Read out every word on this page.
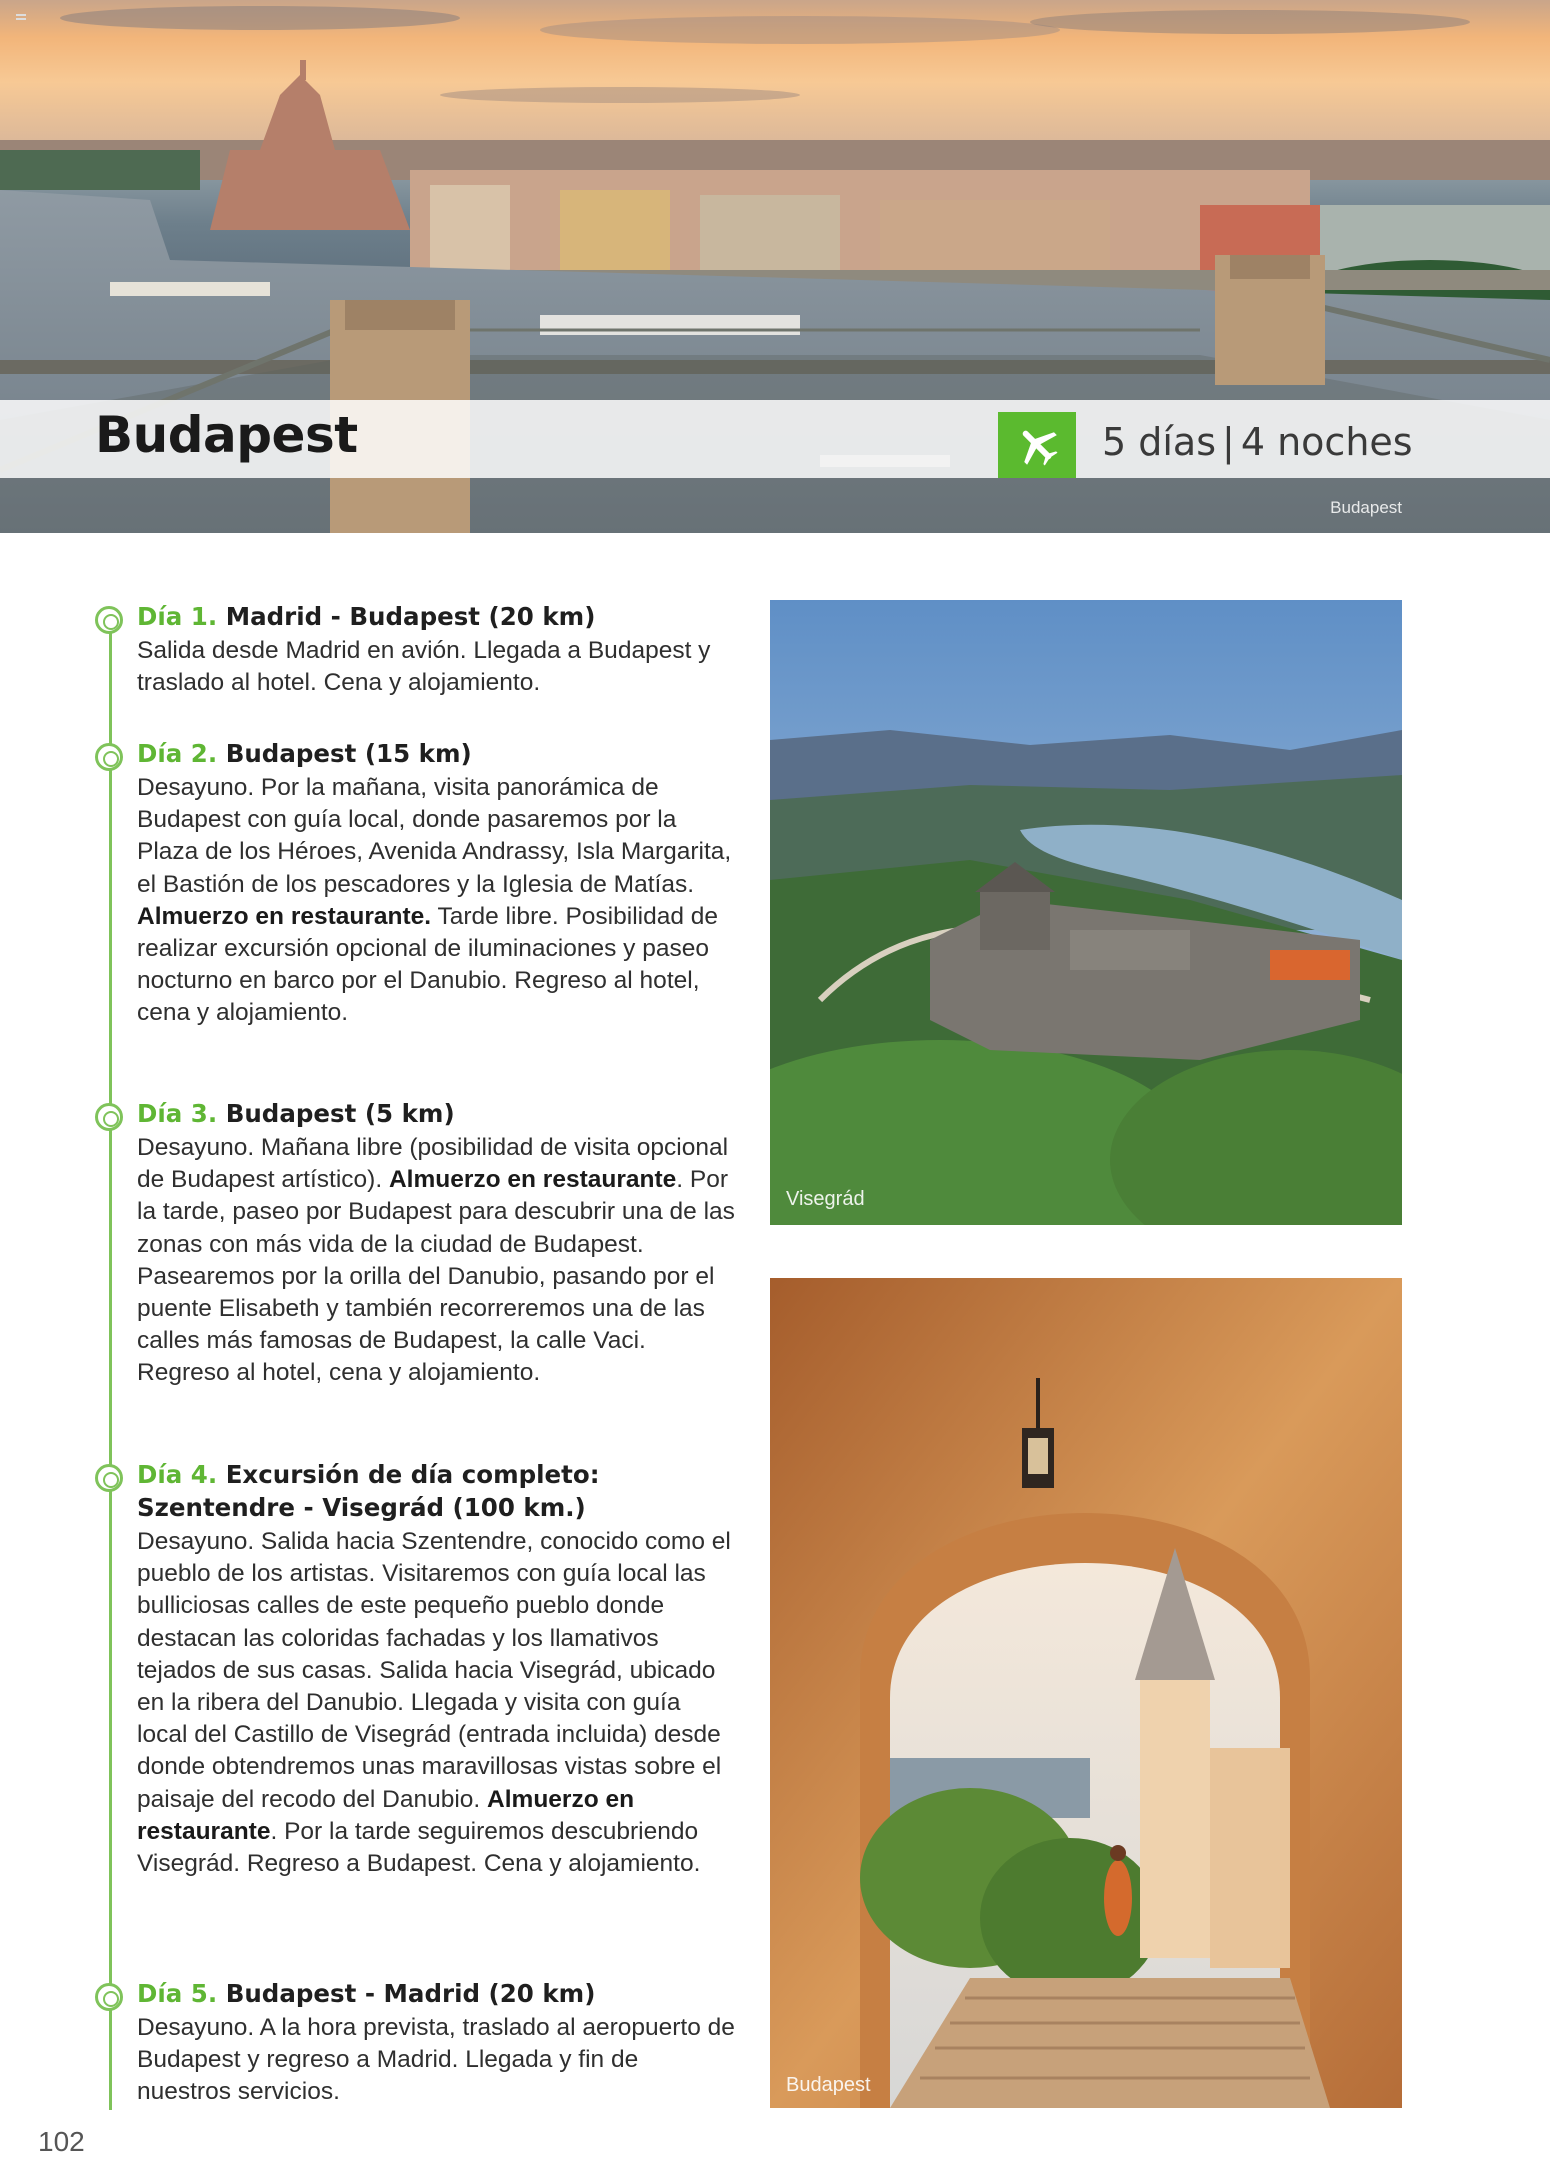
Budapest	5 días | 4 noches
Budapest
Día 1. Madrid - Budapest (20 km)

Salida desde Madrid en avión. Llegada a Budapest y traslado al hotel. Cena y alojamiento.

Día 2. Budapest (15 km)

Desayuno. Por la mañana, visita panorámica de Budapest con guía local, donde pasaremos por la Plaza de los Héroes, Avenida Andrassy, Isla Margarita, el Bastión de los pescadores y la Iglesia de Matías. Almuerzo en restaurante. Tarde libre. Posibilidad de realizar excursión opcional de iluminaciones y paseo nocturno en barco por el Danubio. Regreso al hotel, cena y alojamiento.

Día 3. Budapest (5 km)

Desayuno. Mañana libre (posibilidad de visita opcional de Budapest artístico). Almuerzo en restaurante. Por la tarde, paseo por Budapest para descubrir una de las zonas con más vida de la ciudad de Budapest. Pasearemos por la orilla del Danubio, pasando por el puente Elisabeth y también recorreremos una de las calles más famosas de Budapest, la calle Vaci. Regreso al hotel, cena y alojamiento.

Día 4. Excursión de día completo: Szentendre - Visegrád (100 km.)

Desayuno. Salida hacia Szentendre, conocido como el pueblo de los artistas. Visitaremos con guía local las bulliciosas calles de este pequeño pueblo donde destacan las coloridas fachadas y los llamativos tejados de sus casas. Salida hacia Visegrád, ubicado en la ribera del Danubio. Llegada y visita con guía local del Castillo de Visegrád (entrada incluida) desde donde obtendremos unas maravillosas vistas sobre el paisaje del recodo del Danubio. Almuerzo en restaurante. Por la tarde seguiremos descubriendo Visegrád. Regreso a Budapest. Cena y alojamiento.

Día 5. Budapest - Madrid (20 km)

Desayuno. A la hora prevista, traslado al aeropuerto de Budapest y regreso a Madrid. Llegada y fin de nuestros servicios.

102
Visegrád
Budapest
